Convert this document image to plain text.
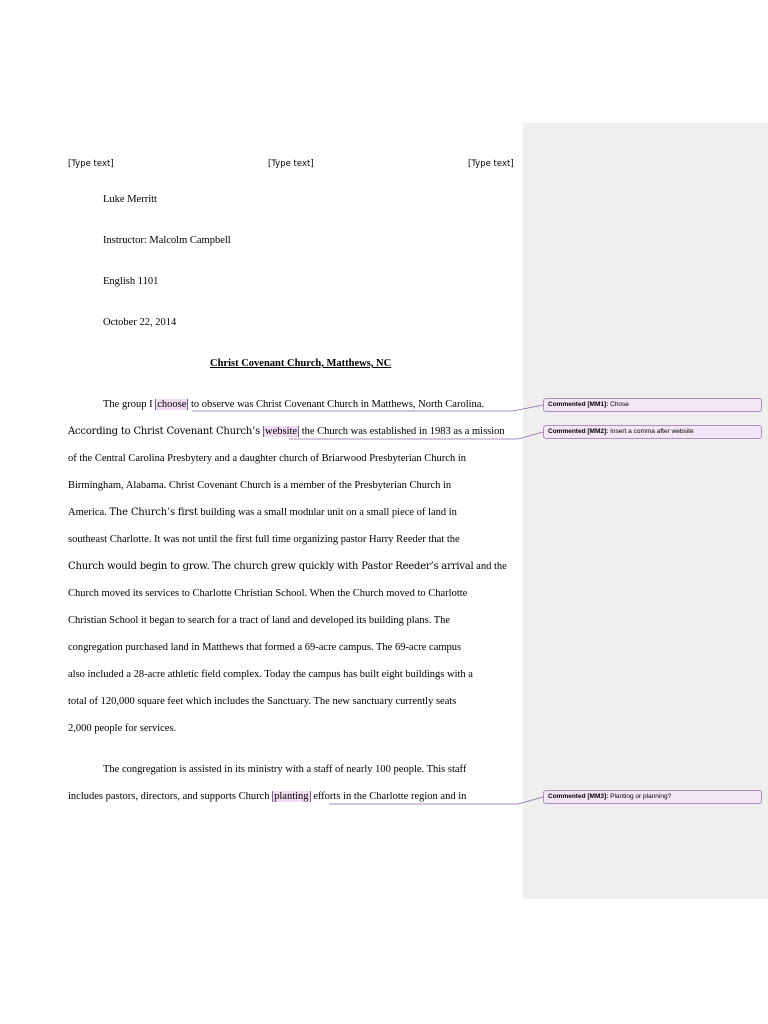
[Type text]	[Type text]	[Type text]
Luke Merritt
Instructor: Malcolm Campbell
English 1101
October 22, 2014
Christ Covenant Church, Matthews, NC
The group I choose to observe was Christ Covenant Church in Matthews, North Carolina.
According to Christ Covenant Church’s website the Church was established in 1983 as a mission
of the Central Carolina Presbytery and a daughter church of Briarwood Presbyterian Church in
Birmingham, Alabama. Christ Covenant Church is a member of the Presbyterian Church in
America. The Church’s first building was a small modular unit on a small piece of land in
southeast Charlotte. It was not until the first full time organizing pastor Harry Reeder that the
Church would begin to grow. The church grew quickly with Pastor Reeder’s arrival and the
Church moved its services to Charlotte Christian School. When the Church moved to Charlotte
Christian School it began to search for a tract of land and developed its building plans. The
congregation purchased land in Matthews that formed a 69-acre campus. The 69-acre campus
also included a 28-acre athletic field complex. Today the campus has built eight buildings with a
total of 120,000 square feet which includes the Sanctuary. The new sanctuary currently seats
2,000 people for services.
The congregation is assisted in its ministry with a staff of nearly 100 people. This staff
includes pastors, directors, and supports Church planting efforts in the Charlotte region and in
Commented [MM1]: Chose
Commented [MM2]: Insert a comma after website
Commented [MM3]: Planting or planning?
